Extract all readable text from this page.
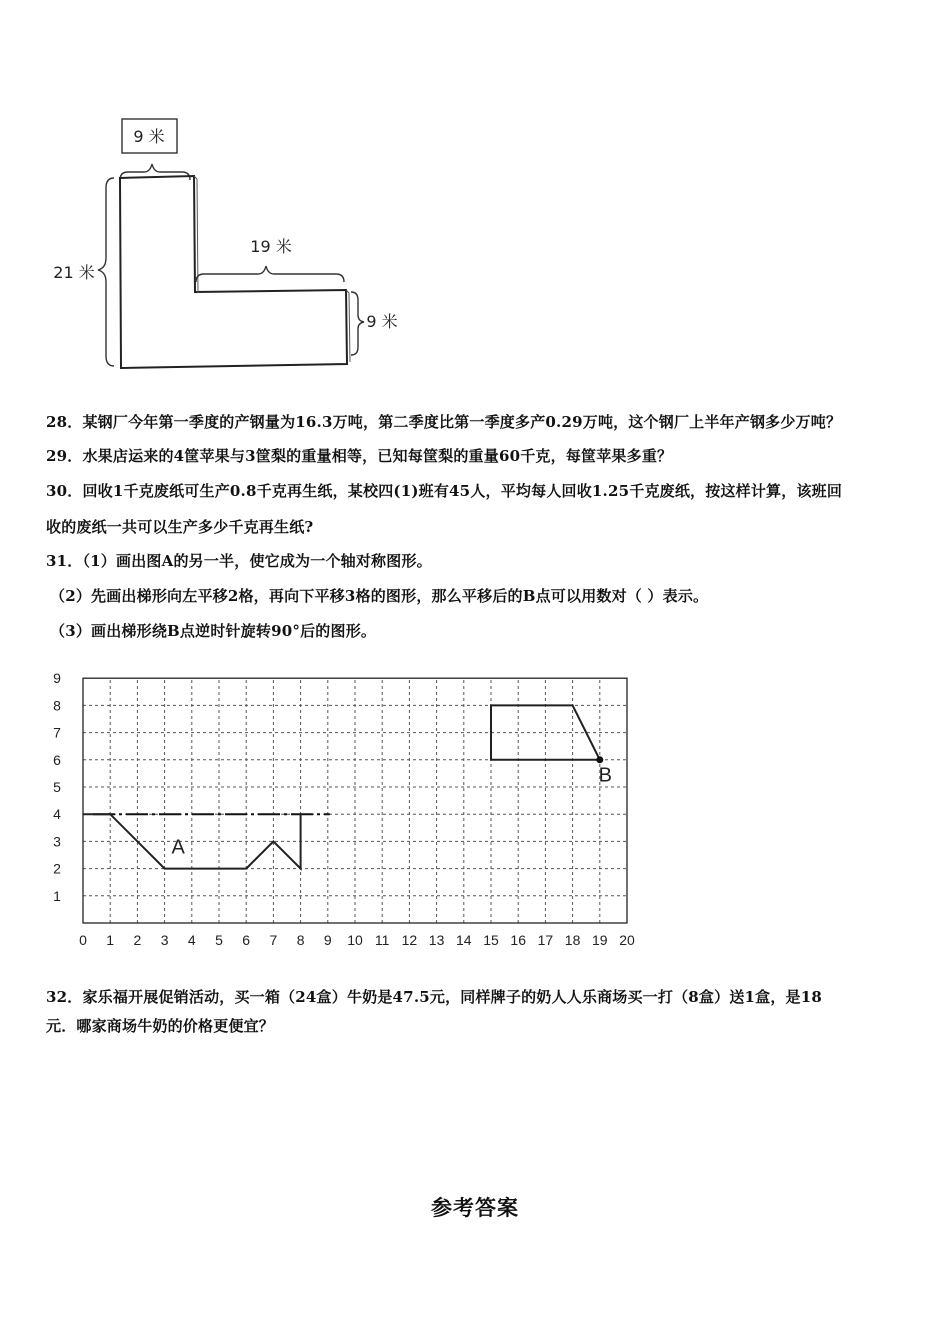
9 米
21 米
19 米
9 米
28．某钢厂今年第一季度的产钢量为16.3万吨，第二季度比第一季度多产0.29万吨，这个钢厂上半年产钢多少万吨？
29．水果店运来的4筐苹果与3筐梨的重量相等，已知每筐梨的重量60千克，每筐苹果多重？
30．回收1千克废纸可生产0.8千克再生纸，某校四(1)班有45人，平均每人回收1.25千克废纸，按这样计算，该班回
收的废纸一共可以生产多少千克再生纸?
31．（1）画出图A的另一半，使它成为一个轴对称图形。
（2）先画出梯形向左平移2格，再向下平移3格的图形，那么平移后的B点可以用数对（ ）表示。
（3）画出梯形绕B点逆时针旋转90°后的图形。
0 1 2 3 4 5 6 7 8 9 10 11 12 13 14 15 16 17 18 19 20
1
2
3
4
5
6
7
8
9
A
B
32．家乐福开展促销活动，买一箱（24盒）牛奶是47.5元，同样牌子的奶人人乐商场买一打（8盒）送1盒，是18
元．哪家商场牛奶的价格更便宜？
参考答案
